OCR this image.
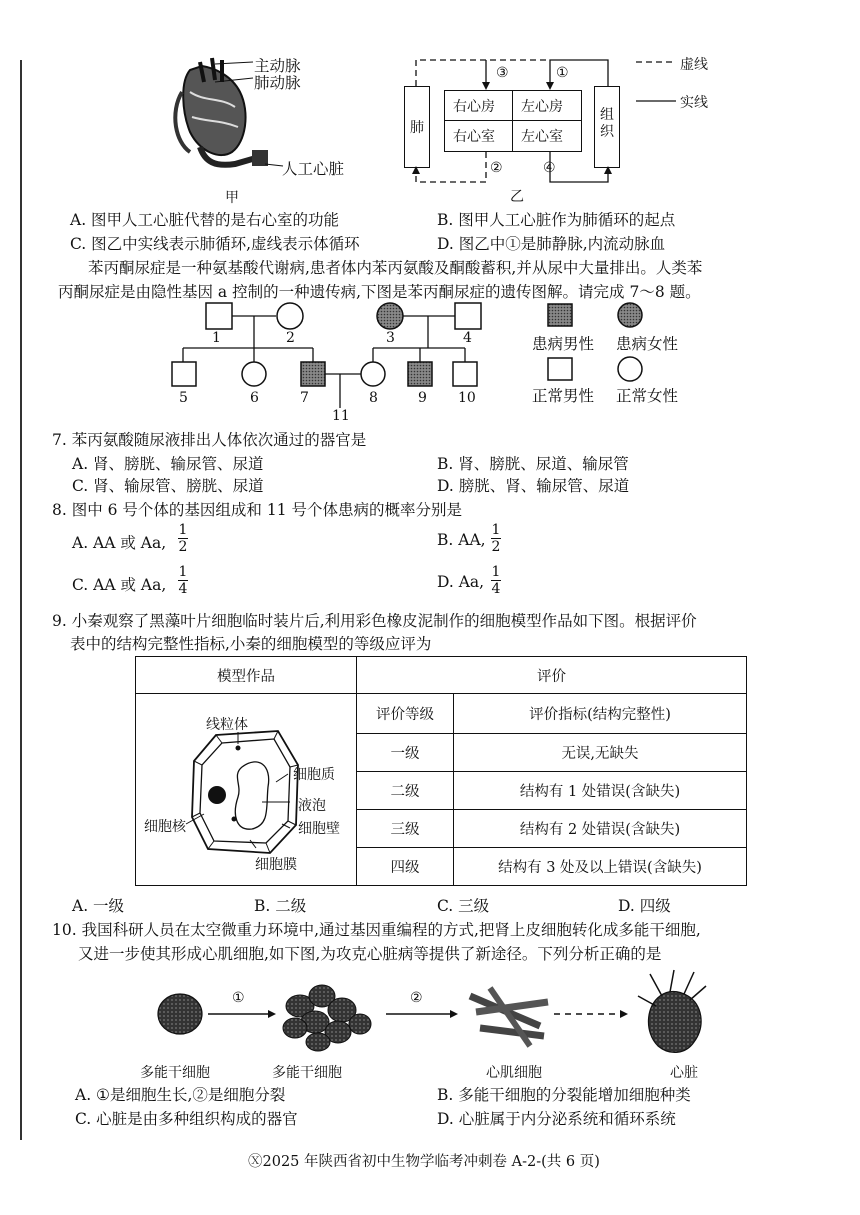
主动脉
肺动脉
人工心脏
甲
肺
组织
右心房 左心房
右心室 左心室
③	①
②	④
乙
虚线
实线
A. 图甲人工心脏代替的是右心室的功能	B. 图甲人工心脏作为肺循环的起点
C. 图乙中实线表示肺循环,虚线表示体循环	D. 图乙中①是肺静脉,内流动脉血
苯丙酮尿症是一种氨基酸代谢病,患者体内苯丙氨酸及酮酸蓄积,并从尿中大量排出。人类苯
丙酮尿症是由隐性基因 a 控制的一种遗传病,下图是苯丙酮尿症的遗传图解。请完成 7～8 题。
1	2	3	4
5	6	7	8	9 10
11
患病男性 患病女性
正常男性 正常女性
7. 苯丙氨酸随尿液排出人体依次通过的器官是
A. 肾、膀胱、输尿管、尿道	B. 肾、膀胱、尿道、输尿管
C. 肾、输尿管、膀胱、尿道	D. 膀胱、肾、输尿管、尿道
8. 图中 6 号个体的基因组成和 11 号个体患病的概率分别是
A. AA 或 Aa, $\frac{1}{2}$	B. AA, $\frac{1}{2}$
C. AA 或 Aa, $\frac{1}{4}$	D. Aa, $\frac{1}{4}$
9. 小秦观察了黑藻叶片细胞临时装片后,利用彩色橡皮泥制作的细胞模型作品如下图。根据评价
表中的结构完整性指标,小秦的细胞模型的等级应评为
模型作品	评价	
	评价等级	评价指标(结构完整性)
	一级	无误,无缺失
	二级	结构有 1 处错误(含缺失)
	三级	结构有 2 处错误(含缺失)
	四级	结构有 3 处及以上错误(含缺失)
线粒体
细胞质
液泡
细胞核	细胞壁
细胞膜
A. 一级	B. 二级	C. 三级	D. 四级
10. 我国科研人员在太空微重力环境中,通过基因重编程的方式,把肾上皮细胞转化成多能干细胞,
又进一步使其形成心肌细胞,如下图,为攻克心脏病等提供了新途径。下列分析正确的是
①	②
多能干细胞	多能干细胞	心肌细胞	心脏
A. ①是细胞生长,②是细胞分裂	B. 多能干细胞的分裂能增加细胞种类
C. 心脏是由多种组织构成的器官	D. 心脏属于内分泌系统和循环系统
Ⓧ2025 年陕西省初中生物学临考冲刺卷 A-2-(共 6 页)
